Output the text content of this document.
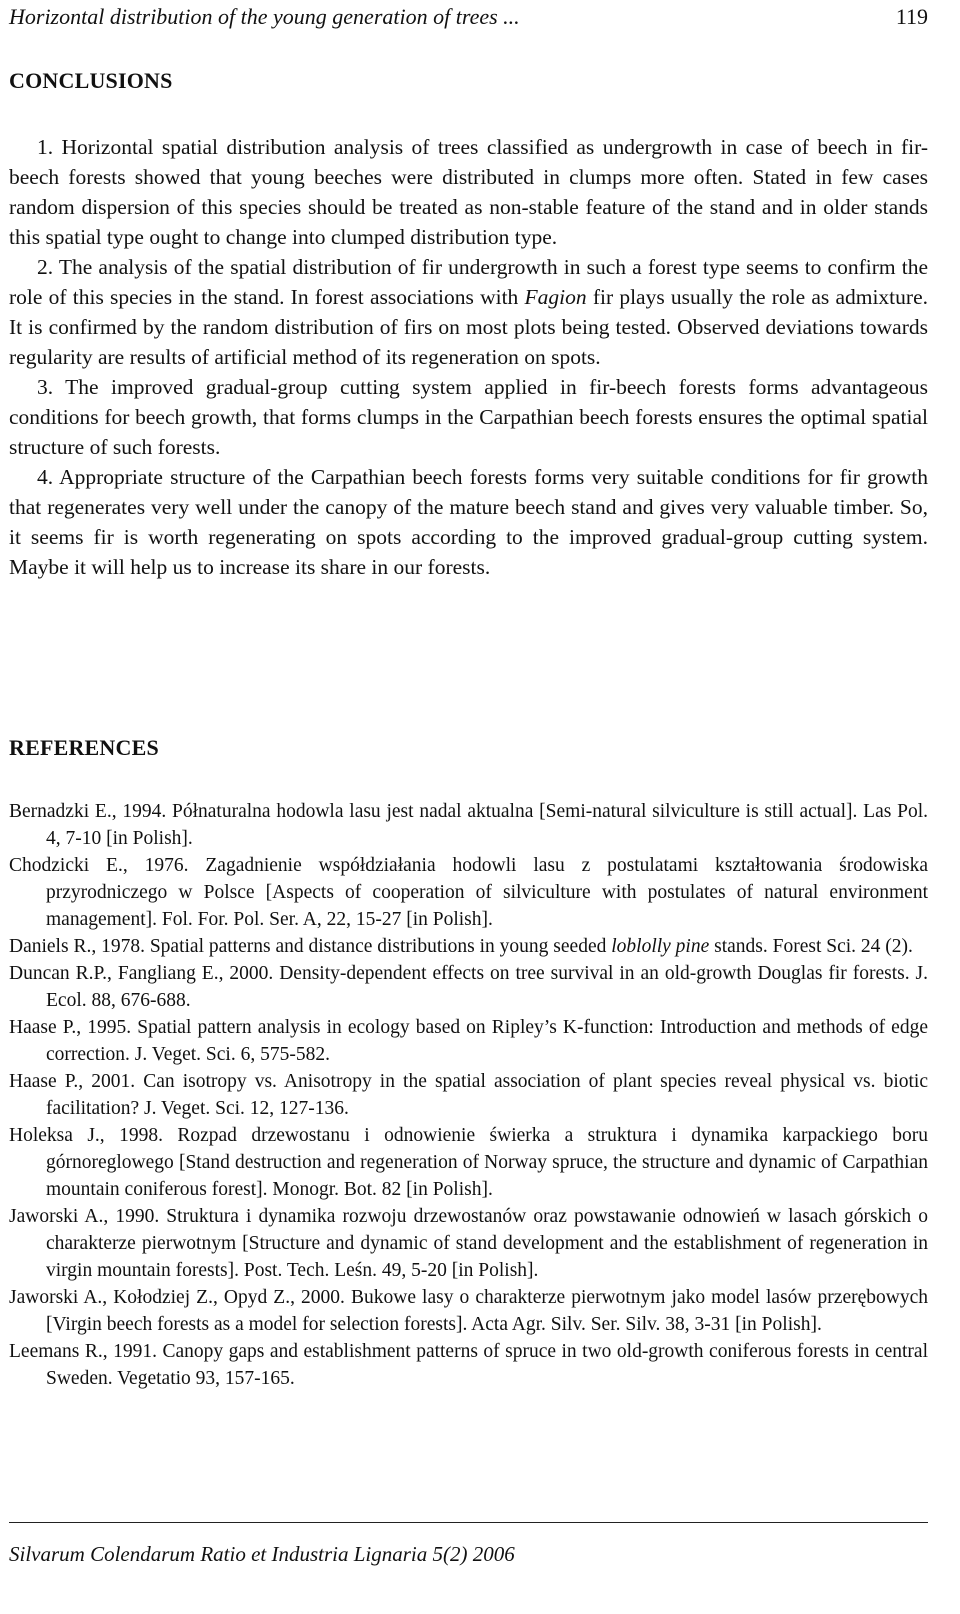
Horizontal distribution of the young generation of trees ...	119
CONCLUSIONS

1. Horizontal spatial distribution analysis of trees classified as undergrowth in case of beech in fir-beech forests showed that young beeches were distributed in clumps more often. Stated in few cases random dispersion of this species should be treated as non-stable feature of the stand and in older stands this spatial type ought to change into clumped distribution type.

2. The analysis of the spatial distribution of fir undergrowth in such a forest type seems to confirm the role of this species in the stand. In forest associations with Fagion fir plays usually the role as admixture. It is confirmed by the random distribution of firs on most plots being tested. Observed deviations towards regularity are results of artificial method of its regeneration on spots.

3. The improved gradual-group cutting system applied in fir-beech forests forms advantageous conditions for beech growth, that forms clumps in the Carpathian beech forests ensures the optimal spatial structure of such forests.

4. Appropriate structure of the Carpathian beech forests forms very suitable conditions for fir growth that regenerates very well under the canopy of the mature beech stand and gives very valuable timber. So, it seems fir is worth regenerating on spots according to the improved gradual-group cutting system. Maybe it will help us to increase its share in our forests.

REFERENCES

Bernadzki E., 1994. Półnaturalna hodowla lasu jest nadal aktualna [Semi-natural silviculture is still actual]. Las Pol. 4, 7-10 [in Polish].

Chodzicki E., 1976. Zagadnienie współdziałania hodowli lasu z postulatami kształtowania środowiska przyrodniczego w Polsce [Aspects of cooperation of silviculture with postulates of natural environment management]. Fol. For. Pol. Ser. A, 22, 15-27 [in Polish].

Daniels R., 1978. Spatial patterns and distance distributions in young seeded loblolly pine stands. Forest Sci. 24 (2).

Duncan R.P., Fangliang E., 2000. Density-dependent effects on tree survival in an old-growth Douglas fir forests. J. Ecol. 88, 676-688.

Haase P., 1995. Spatial pattern analysis in ecology based on Ripley’s K-function: Introduction and methods of edge correction. J. Veget. Sci. 6, 575-582.

Haase P., 2001. Can isotropy vs. Anisotropy in the spatial association of plant species reveal physical vs. biotic facilitation? J. Veget. Sci. 12, 127-136.

Holeksa J., 1998. Rozpad drzewostanu i odnowienie świerka a struktura i dynamika karpackiego boru górnoreglowego [Stand destruction and regeneration of Norway spruce, the structure and dynamic of Carpathian mountain coniferous forest]. Monogr. Bot. 82 [in Polish].

Jaworski A., 1990. Struktura i dynamika rozwoju drzewostanów oraz powstawanie odnowień w lasach górskich o charakterze pierwotnym [Structure and dynamic of stand development and the establishment of regeneration in virgin mountain forests]. Post. Tech. Leśn. 49, 5-20 [in Polish].

Jaworski A., Kołodziej Z., Opyd Z., 2000. Bukowe lasy o charakterze pierwotnym jako model lasów przerębowych [Virgin beech forests as a model for selection forests]. Acta Agr. Silv. Ser. Silv. 38, 3-31 [in Polish].

Leemans R., 1991. Canopy gaps and establishment patterns of spruce in two old-growth coniferous forests in central Sweden. Vegetatio 93, 157-165.

Silvarum Colendarum Ratio et Industria Lignaria 5(2) 2006
